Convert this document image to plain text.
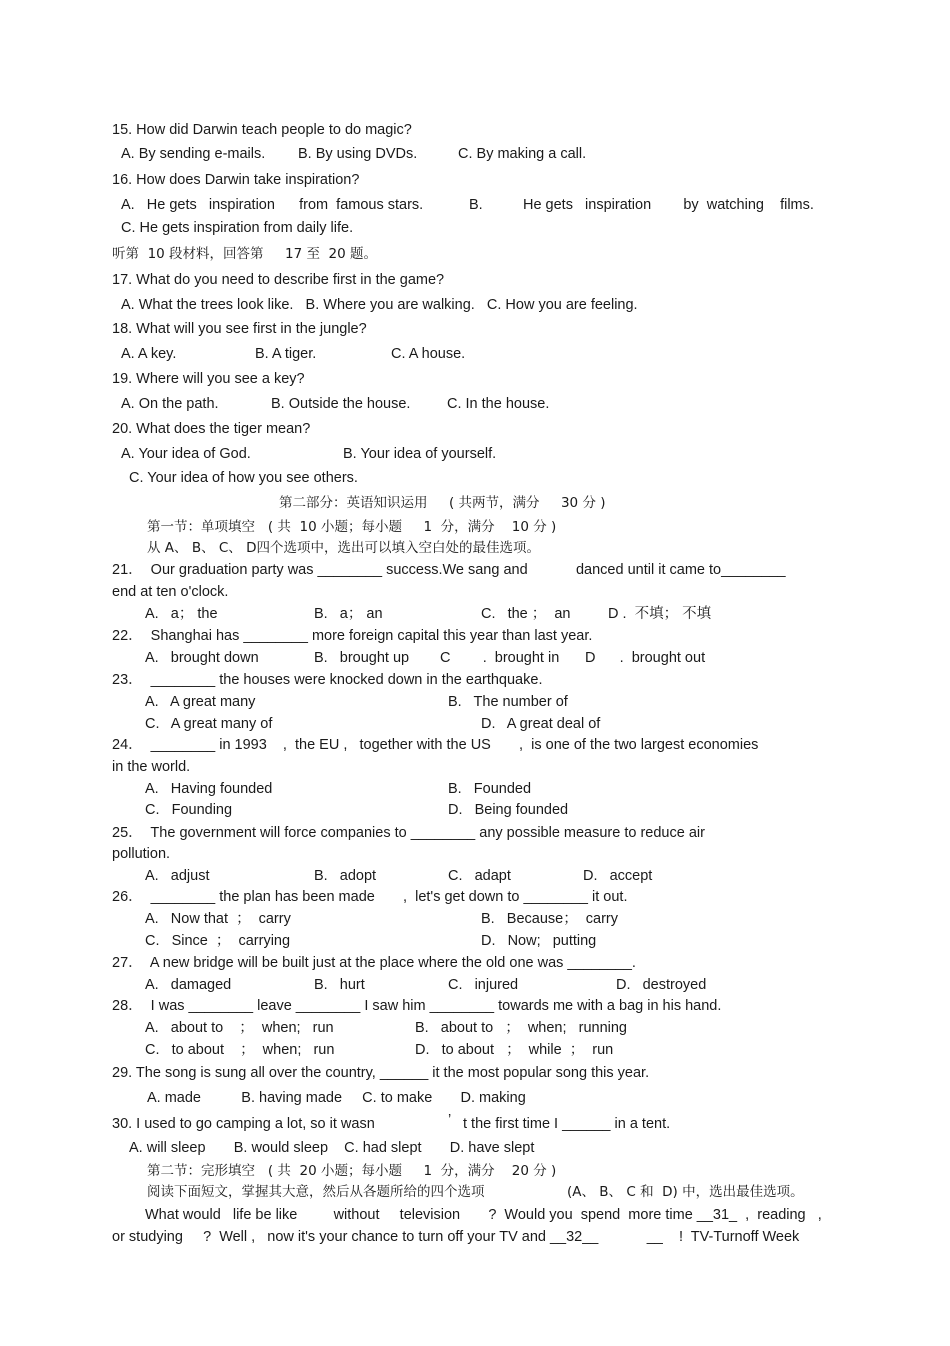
15. How did Darwin teach people to do magic?
A. By sending e-mails. B. By using DVDs.	C. By making a call.
16. How does Darwin take inspiration?
A.   He gets   inspiration      from  famous stars.	B.          He gets   inspiration        by  watching    films.
C. He gets inspiration from daily life.
听第  10 段材料，回答第     17 至  20 题。
17. What do you need to describe first in the game?
A. What the trees look like.   B. Where you are walking.   C. How you are feeling.
18. What will you see first in the jungle?
A. A key.	B. A tiger.	C. A house.
19. Where will you see a key?
A. On the path.	B. Outside the house.	C. In the house.
20. What does the tiger mean?
A. Your idea of God.	B. Your idea of yourself.
C. Your idea of how you see others.
第二部分：英语知识运用     ( 共两节，满分     30 分 )
第一节：单项填空   ( 共  10 小题；每小题     1  分，满分    10 分 )
从 A、 B、 C、 D四个选项中，选出可以填入空白处的最佳选项。
21．  Our graduation party was ________ success.We sang and            danced until it came to________
end at ten o'clock.
A.   a； the	B.   a； an	C.   the ；  an	D .  不填； 不填
22．  Shanghai has ________ more foreign capital this year than last year.
A.   brought down	B.   brought up C        .  brought in D      .  brought out
23．  ________ the houses were knocked down in the earthquake.
A.   A great many	B.   The number of
C.   A great many of	D.   A great deal of
24．  ________ in 1993    ,  the EU ,   together with the US       ,  is one of the two largest economies
in the world.
A.   Having founded	B.   Founded
C.   Founding	D.   Being founded
25．  The government will force companies to ________ any possible measure to reduce air
pollution.
A.   adjust	B.   adopt	C.   adapt	D.   accept
26．  ________ the plan has been made       ,  let's get down to ________ it out.
A.   Now that  ；  carry	B.   Because；  carry
C.   Since  ；  carrying	D.   Now;   putting
27．  A new bridge will be built just at the place where the old one was ________.
A.   damaged	B.   hurt	C.   injured	D.   destroyed
28．  I was ________ leave ________ I saw him ________ towards me with a bag in his hand.
A.   about to    ；  when;   run	B.   about to   ；  when;   running
C.   to about    ；  when;   run	D.   to about   ；  while  ；  run
29. The song is sung all over the country, ______ it the most popular song this year.
A. made          B. having made     C. to make       D. making
30. I used to go camping a lot, so it wasn	’ t the first time I ______ in a tent.
A. will sleep       B. would sleep    C. had slept       D. have slept
第二节：完形填空   ( 共  20 小题；每小题     1  分，满分    20 分 )
阅读下面短文，掌握其大意，然后从各题所给的四个选项	(A、 B、 C 和  D) 中，选出最佳选项。
What would   life be like         without     television       ?  Would you  spend  more time __31_  ,  reading   ,
or studying     ?  Well ,   now it's your chance to turn off your TV and __32__            __    !  TV-Turnoff Week
